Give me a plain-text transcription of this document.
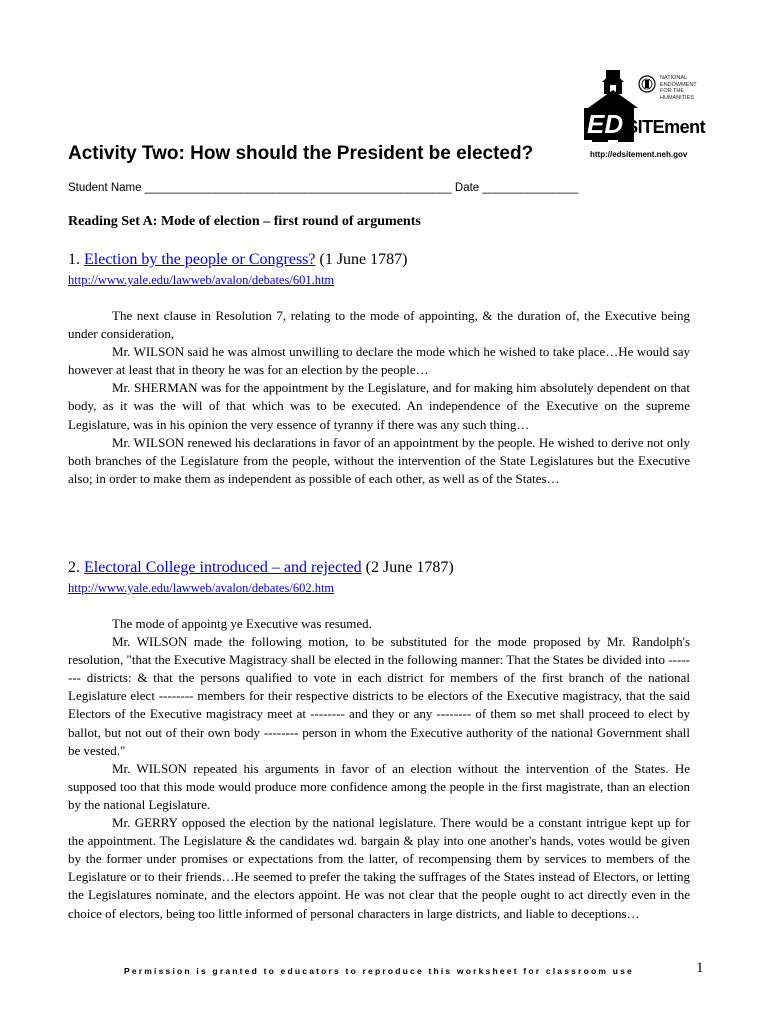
NATIONAL
ENDOWMENT
FOR THE
HUMANITIES
ED SITEment
http://edsitement.neh.gov
Activity Two: How should the President be elected?
Student Name ________________________________________________ Date _______________
Reading Set A: Mode of election – first round of arguments
1. Election by the people or Congress? (1 June 1787)
http://www.yale.edu/lawweb/avalon/debates/601.htm

The next clause in Resolution 7, relating to the mode of appointing, & the duration of, the Executive being under consideration,

Mr. WILSON said he was almost unwilling to declare the mode which he wished to take place…He would say however at least that in theory he was for an election by the people…

Mr. SHERMAN was for the appointment by the Legislature, and for making him absolutely dependent on that body, as it was the will of that which was to be executed. An independence of the Executive on the supreme Legislature, was in his opinion the very essence of tyranny if there was any such thing…

Mr. WILSON renewed his declarations in favor of an appointment by the people. He wished to derive not only both branches of the Legislature from the people, without the intervention of the State Legislatures but the Executive also; in order to make them as independent as possible of each other, as well as of the States…

2. Electoral College introduced – and rejected (2 June 1787)
http://www.yale.edu/lawweb/avalon/debates/602.htm

The mode of appointg ye Executive was resumed.

Mr. WILSON made the following motion, to be substituted for the mode proposed by Mr. Randolph's resolution, "that the Executive Magistracy shall be elected in the following manner: That the States be divided into -------- districts: & that the persons qualified to vote in each district for members of the first branch of the national Legislature elect -------- members for their respective districts to be electors of the Executive magistracy, that the said Electors of the Executive magistracy meet at -------- and they or any -------- of them so met shall proceed to elect by ballot, but not out of their own body -------- person in whom the Executive authority of the national Government shall be vested."

Mr. WILSON repeated his arguments in favor of an election without the intervention of the States. He supposed too that this mode would produce more confidence among the people in the first magistrate, than an election by the national Legislature.

Mr. GERRY opposed the election by the national legislature. There would be a constant intrigue kept up for the appointment. The Legislature & the candidates wd. bargain & play into one another's hands, votes would be given by the former under promises or expectations from the latter, of recompensing them by services to members of the Legislature or to their friends…He seemed to prefer the taking the suffrages of the States instead of Electors, or letting the Legislatures nominate, and the electors appoint. He was not clear that the people ought to act directly even in the choice of electors, being too little informed of personal characters in large districts, and liable to deceptions…

Permission is granted to educators to reproduce this worksheet for classroom use	1
